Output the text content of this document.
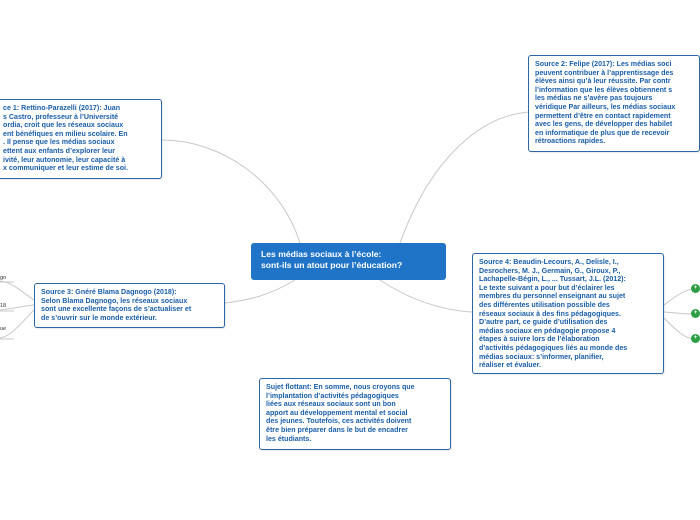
Les médias sociaux à l’école:
sont-ils un atout pour l’éducation?
ce 1: Rettino-Parazelli (2017): Juan
s Castro, professeur à l’Université
ordia, croit que les réseaux sociaux
ent bénéfiques en milieu scolaire. En
. Il pense que les médias sociaux
ettent aux enfants d’explorer leur
ivité, leur autonomie, leur capacité à
x communiquer et leur estime de soi.
Source 2: Felipe (2017): Les médias soci
peuvent contribuer à l’apprentissage des
élèves ainsi qu’à leur réussite. Par contr
l’information que les élèves obtiennent s
les médias ne s’avère pas toujours
véridique Par ailleurs, les médias sociaux
permettent d’être en contact rapidement
avec les gens, de développer des habilet
en informatique de plus que de recevoir
rétroactions rapides.
Source 3: Gnéré Blama Dagnogo (2018):
Selon Blama Dagnogo, les réseaux sociaux
sont une excellente façons de s’actualiser et
de s’ouvrir sur le monde extérieur.
Source 4: Beaudin-Lecours, A., Delisle, I.,
Desrochers, M. J., Germain, G., Giroux, P.,
Lachapelle-Bégin, L., ... Tussart, J.L. (2012):
Le texte suivant a pour but d’éclairer les
membres du personnel enseignant au sujet
des différentes utilisation possible des
réseaux sociaux à des fins pédagogiques.
D’autre part, ce guide d’utilisation des
médias sociaux en pédagogie propose 4
étapes à suivre lors de l’élaboration
d’activités pédagogiques liés au monde des
médias sociaux: s’informer, planifier,
réaliser et évaluer.
Sujet flottant: En somme, nous croyons que
l’implantation d’activités pédagogiques
liées aux réseaux sociaux sont un bon
apport au développement mental et social
des jeunes. Toutefois, ces activités doivent
être bien préparer dans le but de encadrer
les étudiants.
go
18
ue
+
+
+
